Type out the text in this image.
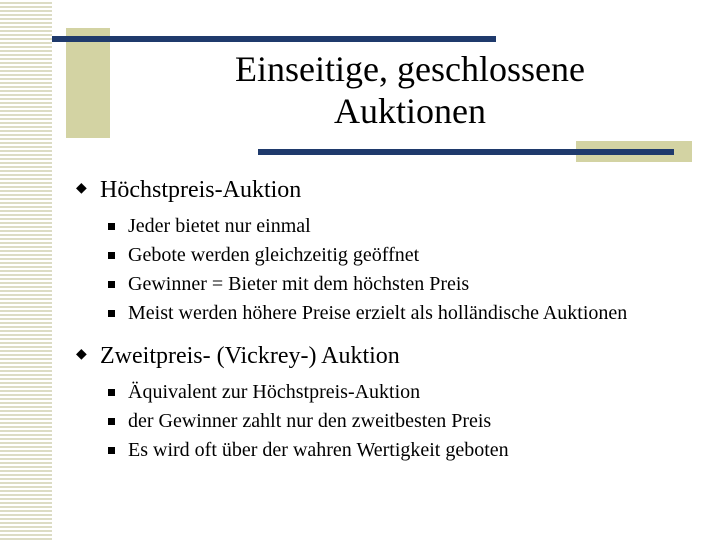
Einseitige, geschlossene
Auktionen
◆ Höchstpreis-Auktion
Jeder bietet nur einmal
Gebote werden gleichzeitig geöffnet
Gewinner = Bieter mit dem höchsten Preis
Meist werden höhere Preise erzielt als holländische Auktionen
◆ Zweitpreis- (Vickrey-) Auktion
Äquivalent zur Höchstpreis-Auktion
der Gewinner zahlt nur den zweitbesten Preis
Es wird oft über der wahren Wertigkeit geboten
